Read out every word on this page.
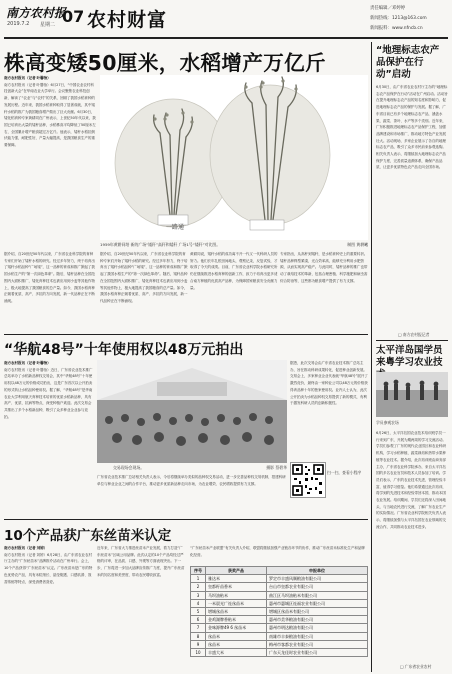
南方农村报
2019.7.2 星期二 07 农村财富
责任编辑／邓婷婷
新闻热线：1213@163.com
新闻报料：www.nfncb.cn
株高变矮50厘米，水稻增产万亿斤

南方农村报讯（记者 叶馨怡）

南方农村报讯（记者 叶馨怡）6月27日，“中国农业农村科技创新大会”在华南农业大学举行。会议聚焦农业科技创新，解读了“农业”与“农村”的关系，回顾了我国水稻育种的发展历程。近年来，我国水稻育种取得了显著成就，其中矮秆水稻的推广为我国粮食增产做出了巨大贡献。6月30日，矮化稻育种专家黄耕同在广州表示，上世纪50年代以来，我国已培育出大量的矮秆品种，水稻株高平均降低了50厘米左右，全国累计增产粮食超过万亿斤。他表示，矮秆水稻抗倒伏能力强，耐肥性好，产量大幅提高，是我国粮食生产的重要保障。

一路通
1959年黄耕同培 新的广场“矮秆”高秆和矮秆 广场1号“矮秆”对比图。	制图 黄耕曦
据介绍，自20世纪50年代以来，广东省农业科学院的育种专家们开始了矮秆水稻的研究。经过多年努力，终于培育出了矮秆水稻品种“广场矮”，这一品种的育成和推广掀起了我国水稻生产的“第一次绿色革命”。随后，矮秆品种在全国范围内大面积推广，矮化育种技术也被应用到小麦等其他作物上，极大地提高了我国粮食的总产量。如今，我国水稻育种正朝着优质、高产、多抗的方向发展，新一代品种正在不断涌现。
黄耕同说，矮秆水稻的成功离不开一代又一代科研人员的努力。他们长年扎根田间地头，观察记录，反复试验，才取得了今天的成绩。目前，广东省农业科学院水稻研究所仍在继续推进水稻育种的创新工作，致力于培育出更多适合南方种植的优质高产品种，为保障国家粮食安全贡献力量。
专家指出，从高秆到矮秆，是水稻育种史上的重要转折。矮秆品种株型紧凑，光合效率高，能够充分利用水肥资源，从而实现高产稳产。与此同时，矮秆品种的推广也带动了栽培技术的革新，包括合理密植、科学施肥和病虫害综合防治等，这些都为粮食增产提供了有力支撑。
据介绍，自20世纪50年代以来，广东省农业科学院的育种专家们开始了矮秆水稻的研究。经过多年努力，终于培育出了矮秆水稻品种“广场矮”，这一品种的育成和推广掀起了我国水稻生产的“第一次绿色革命”。随后，矮秆品种在全国范围内大面积推广，矮化育种技术也被应用到小麦等其他作物上，极大地提高了我国粮食的总产量。如今，我国水稻育种正朝着优质、高产、多抗的方向发展，新一代品种正在不断涌现。
“地理标志农产品保护在行动”启动

6月30日，由广东省农业农村厅主办的“地理标志农产品保护在行动”活动在广州启动。活动旨在提升地理标志农产品的知名度和影响力，促进地理标志农产品的保护与发展。据了解，广东省目前已有多个地理标志农产品，涵盖水果、蔬菜、茶叶、水产等多个类别。近年来，广东积极推进地理标志农产品保护工程，加强品牌建设和市场推广，推动地方特色产业发展壮大。活动现场，多家企业展示了各自的地理标志农产品，吸引了众多市民前来参观选购。相关负责人表示，将继续加大地理标志农产品保护力度，完善质量追溯体系，确保产品品质，让更多优质特色农产品走向全国市场。

□ 南方农村报记者
太平洋岛国学员来粤学习农业技
学员参观农场

6月26日，太平洋岛国农业技术培训班学员一行来到广东，开展为期两周的学习交流活动。学员们参观了广东的现代农业园区和农业科研机构，学习水稻种植、蔬菜栽培和热带水果种植等农业技术。据介绍，此次培训班由商务部主办，广东省农业科学院承办，来自太平洋岛国的多名农业官员和技术人员参加了培训。学员们表示，广东的农业技术先进，管理经验丰富，值得学习借鉴。他们希望通过此次培训，将学到的先进技术和经验带回本国，推动本国农业发展。培训期间，学员们还将深入田间地头，与当地农民进行交流，了解广东农业生产的实际情况。广东省农业科学院相关负责人表示，将继续加强与太平洋岛国在农业领域的交流合作，共同推动农业技术进步。

□ 广东省农业农村
“华航48号”十年使用权以48万元拍出

南方农村报讯（记者 叶馨怡）

南方农村报讯（记者 叶馨怡）近日，广东省农业技术推广总站举办了水稻新品种权交易会，其中“华航48号”十年使用权以48万元的价格成功拍出，这是广东首次以公开拍卖的形式转让水稻品种使用权。据了解，“华航48号”是华南农业大学利用航天育种技术培育的优质水稻新品种，具有高产、优质、抗病等特点，深受种植户欢迎。此次交易会共推出了多个水稻新品种，吸引了众多种业企业参与竞拍。

交易现场会现场。	摄影 蔡碧华
据悉，此次交易会由广东省农业技术推广总站主办，旨在推动科研成果转化，促进种业创新发展。交易会上，多家种业企业代表就“华航48号”展开了激烈竞价，最终由一家种业公司以48万元的价格获得该品种十年的独家使用权。业内人士认为，此次公开拍卖为水稻品种权交易提供了新的模式，有利于激发科研人员的创新积极性。
扫一扫，查看小程序
广东省农业技术推广总站相关负责人表示，今后将继续举办类似的品种权交易活动，进一步完善品种权交易机制，搭建科研单位与种业企业之间的合作平台，推动更多优质新品种走向市场，为农业增效、农民增收提供有力支撑。
10个产品获广东丝苗米认定

南方农村报讯（记者 刘婷）

南方农村报讯（记者 刘婷）6月28日，由广东省农业农村厅主办的“广东丝苗米”品牌推介活动在广州举行。会上，10个产品获得“广东丝苗米”认定。广东丝苗米是广东的特色优势农产品，具有米粒细长、晶莹剔透、口感软滑、饭香浓郁等特点，深受消费者喜爱。

近年来，广东省大力推进丝苗米产业发展，着力打造“广东丝苗米”区域公用品牌。此次认定的10个产品均经过严格的评审，在品质、口感、外观等方面表现突出。下一步，广东将进一步加大品牌宣传推广力度，提升广东丝苗米的知名度和美誉度，带动农民增收致富。
“广东丝苗米产业联盟”有关负责人介绍，联盟将继续加强产业链各环节的协作，推动广东丝苗米标准化生产和品牌化经营。
序号	获奖产品	申报单位
1	雅达米	罗定市丰盛风顺粮油有限公司
2	皇都籽苗香米	台山市皇都农业有限公司
3	马坝油粘米	曲江区马坝油粘米有限公司
4	一米晨光广连丝苗米	惠州市惠城区连福农业有限公司
5	增城丝苗米	增城区丝苗米有限公司
6	金鸡湖牌香粘米	惠州市美华粮油有限公司
7	金味源牌49 6 丝苗米	惠州市明达粮油有限公司
8	丝苗米	南雄市丰泰粮油有限公司
9	丝苗米	梅州市客都农业有限公司
10	丰盛大米	广东天龙佳时农业有限公司
